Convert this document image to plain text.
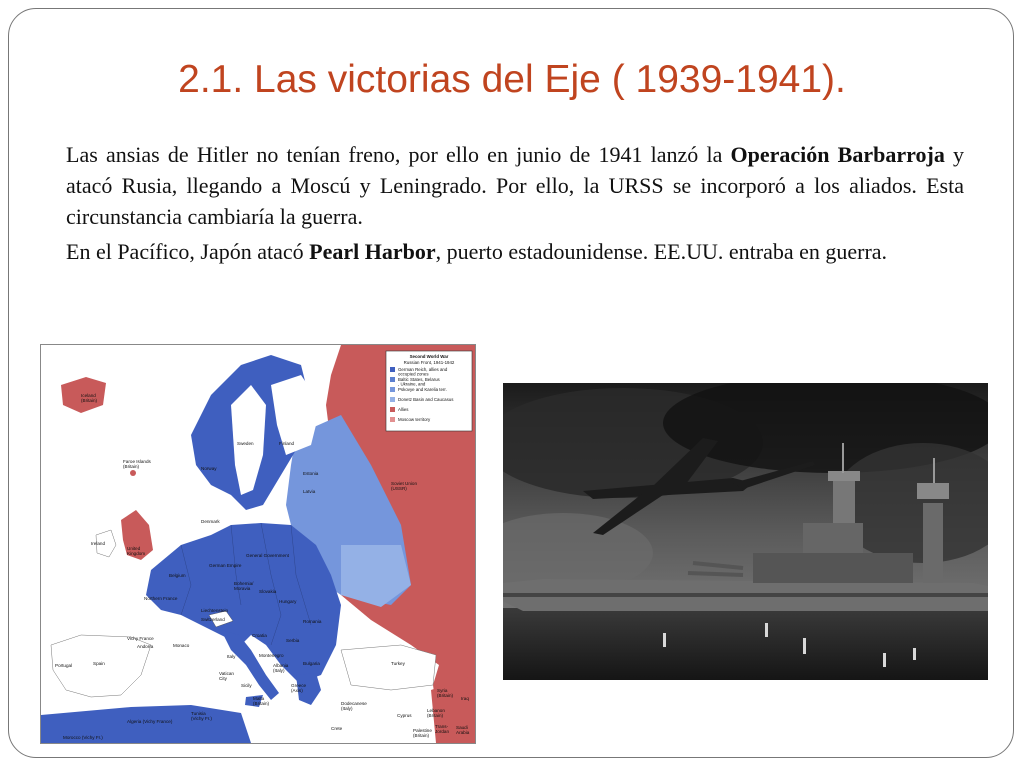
2.1. Las victorias del Eje ( 1939-1941).

Las ansias de Hitler no tenían freno, por ello en junio de 1941 lanzó la Operación Barbarroja y atacó Rusia, llegando a Moscú y Leningrado. Por ello, la URSS se incorporó a los aliados. Esta circunstancia cambiaría la guerra.

En el Pacífico, Japón atacó Pearl Harbor, puerto estadounidense. EE.UU. entraba en guerra.

Second World War
Russian Front, 1941-1942
German Reich, allies and
occupied zones
Baltic States, Belarus
, Ukraine, and
Pskovye and Karelia terr.
Donetz Basin and Caucasus
Allies
Moscow territory
Iceland
(Britain)
Faroe Islands
(Britain)	Norway
Sweden	Finland
Soviet Union
(USSR)
Ireland
United
Kingdom
Denmark
German Empire
General Government
Belgium
Northern France
Bohemia/
Moravia
Slovakia
Hungary
Liechtenstein
Switzerland
Vichy France
Monaco
Croatia
Serbia
Romania
Bulgaria
Montenegro
Albania
(Italy)
Italy
Vatican
City
Portugal	Spain
Andorra
Turkey
Greece
(Axis)	Syria
(Britain)
Iraq
Lebanon
(Britain)
Dodecanese
(Italy)
Cyprus
Crete
Malta
(Britain)
Sicily
Tunisia
(Vichy Fr.)
Algeria (Vichy France)
Morocco (Vichy Fr.)
Palestine
(Britain)
Trans-
Jordan
Saudi
Arabia
Estonia
Latvia
